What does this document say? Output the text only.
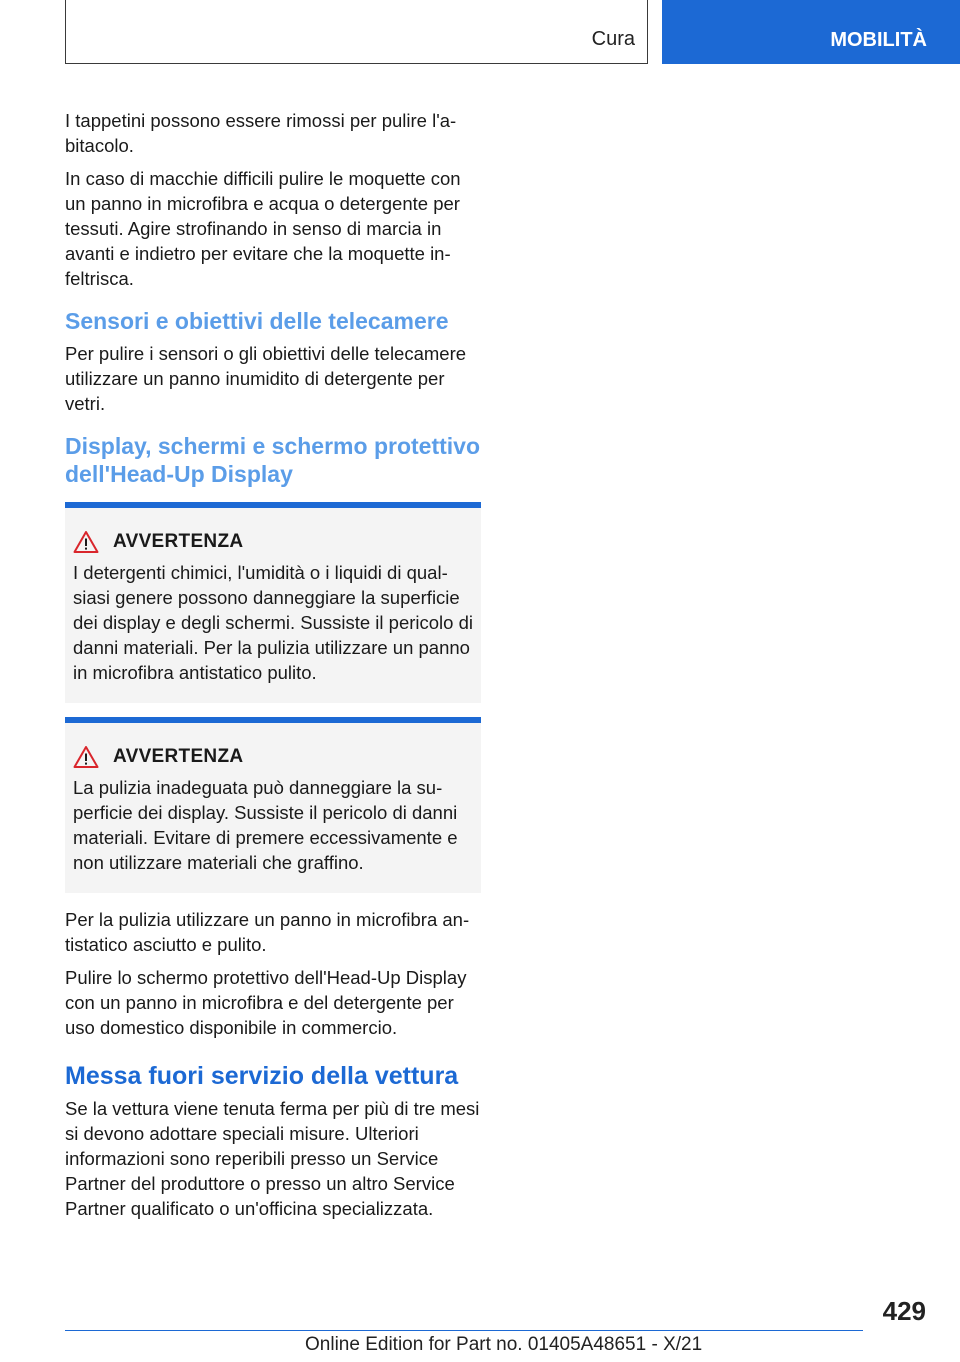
Cura	MOBILITÀ

I tappetini possono essere rimossi per pulire l'a-bitacolo.

In caso di macchie difficili pulire le moquette con un panno in microfibra e acqua o detergente per tessuti. Agire strofinando in senso di marcia in avanti e indietro per evitare che la moquette in-feltrisca.

Sensori e obiettivi delle telecamere

Per pulire i sensori o gli obiettivi delle telecamere utilizzare un panno inumidito di detergente per vetri.

Display, schermi e schermo protettivo dell'Head-Up Display
AVVERTENZA

I detergenti chimici, l'umidità o i liquidi di qual-siasi genere possono danneggiare la superficie dei display e degli schermi. Sussiste il pericolo di danni materiali. Per la pulizia utilizzare un panno in microfibra antistatico pulito.

AVVERTENZA

La pulizia inadeguata può danneggiare la su-perficie dei display. Sussiste il pericolo di danni materiali. Evitare di premere eccessivamente e non utilizzare materiali che graffino.

Per la pulizia utilizzare un panno in microfibra an-tistatico asciutto e pulito.

Pulire lo schermo protettivo dell'Head-Up Display con un panno in microfibra e del detergente per uso domestico disponibile in commercio.

Messa fuori servizio della vettura

Se la vettura viene tenuta ferma per più di tre mesi si devono adottare speciali misure. Ulteriori informazioni sono reperibili presso un Service Partner del produttore o presso un altro Service Partner qualificato o un'officina specializzata.

429
Online Edition for Part no. 01405A48651 - X/21
